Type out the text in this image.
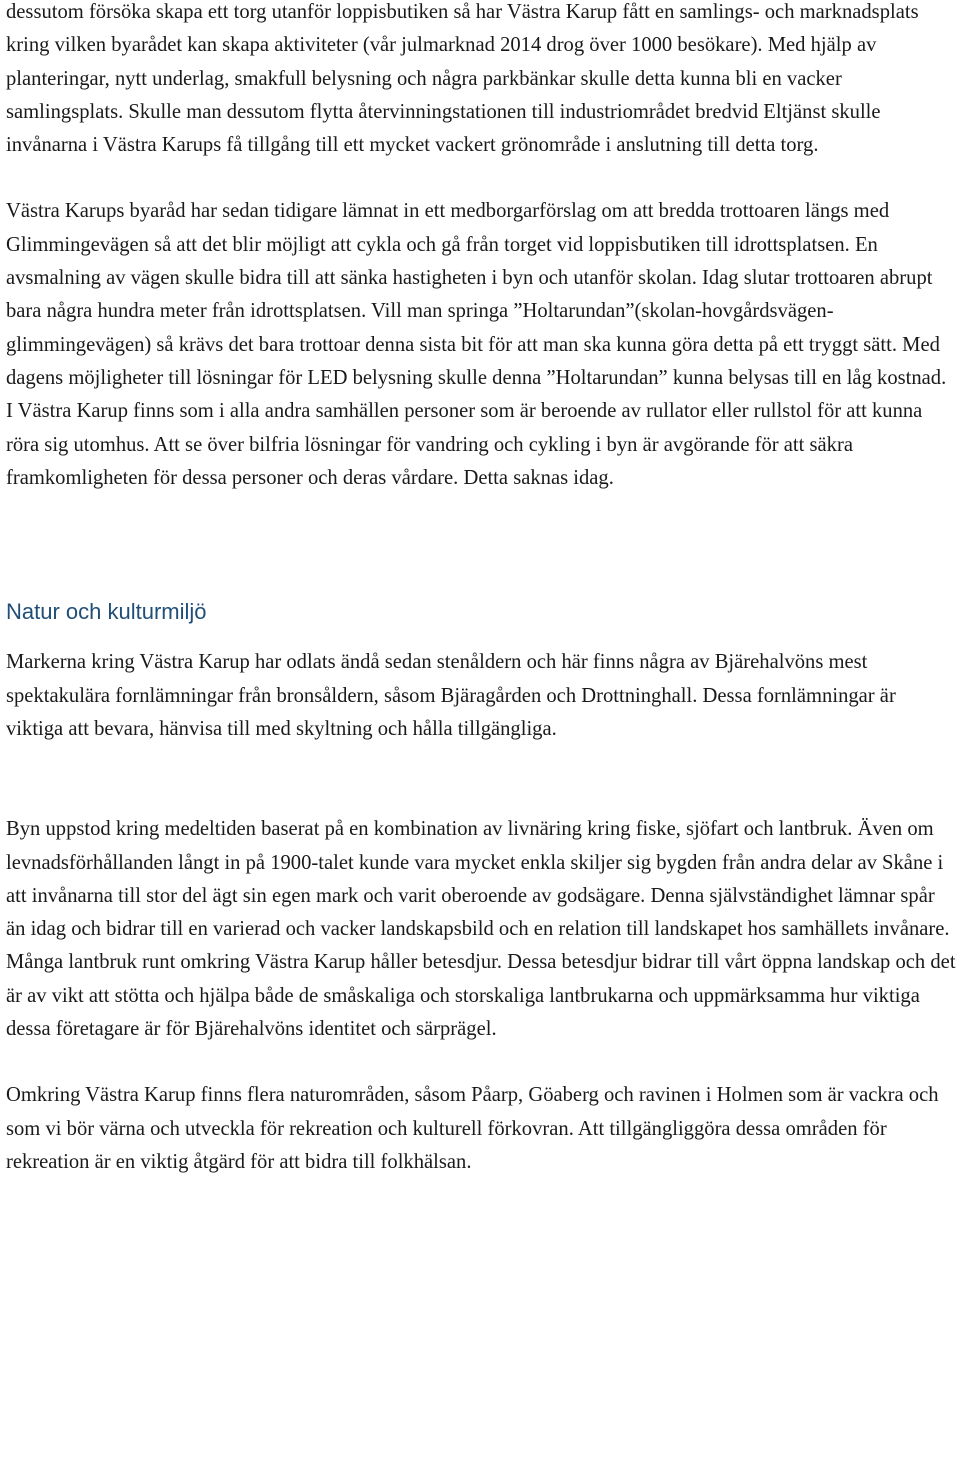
dessutom försöka skapa ett torg utanför loppisbutiken så har Västra Karup fått en samlings- och marknadsplats kring vilken byarådet kan skapa aktiviteter (vår julmarknad 2014 drog över 1000 besökare). Med hjälp av planteringar, nytt underlag, smakfull belysning och några parkbänkar skulle detta kunna bli en vacker samlingsplats. Skulle man dessutom flytta återvinningstationen till industriområdet bredvid Eltjänst skulle invånarna i Västra Karups få tillgång till ett mycket vackert grönområde i anslutning till detta torg.

Västra Karups byaråd har sedan tidigare lämnat in ett medborgarförslag om att bredda trottoaren längs med Glimmingevägen så att det blir möjligt att cykla och gå från torget vid loppisbutiken till idrottsplatsen. En avsmalning av vägen skulle bidra till att sänka hastigheten i byn och utanför skolan. Idag slutar trottoaren abrupt bara några hundra meter från idrottsplatsen. Vill man springa ”Holtarundan”(skolan-hovgårdsvägen-glimmingevägen) så krävs det bara trottoar denna sista bit för att man ska kunna göra detta på ett tryggt sätt. Med dagens möjligheter till lösningar för LED belysning skulle denna ”Holtarundan” kunna belysas till en låg kostnad. I Västra Karup finns som i alla andra samhällen personer som är beroende av rullator eller rullstol för att kunna röra sig utomhus. Att se över bilfria lösningar för vandring och cykling i byn är avgörande för att säkra framkomligheten för dessa personer och deras vårdare. Detta saknas idag.

Natur och kulturmiljö

Markerna kring Västra Karup har odlats ändå sedan stenåldern och här finns några av Bjärehalvöns mest spektakulära fornlämningar från bronsåldern, såsom Bjäragården och Drottninghall. Dessa fornlämningar är viktiga att bevara, hänvisa till med skyltning och hålla tillgängliga.

Byn uppstod kring medeltiden baserat på en kombination av livnäring kring fiske, sjöfart och lantbruk. Även om levnadsförhållanden långt in på 1900-talet kunde vara mycket enkla skiljer sig bygden från andra delar av Skåne i att invånarna till stor del ägt sin egen mark och varit oberoende av godsägare. Denna självständighet lämnar spår än idag och bidrar till en varierad och vacker landskapsbild och en relation till landskapet hos samhällets invånare. Många lantbruk runt omkring Västra Karup håller betesdjur. Dessa betesdjur bidrar till vårt öppna landskap och det är av vikt att stötta och hjälpa både de småskaliga och storskaliga lantbrukarna och uppmärksamma hur viktiga dessa företagare är för Bjärehalvöns identitet och särprägel.

Omkring Västra Karup finns flera naturområden, såsom Påarp, Göaberg och ravinen i Holmen som är vackra och som vi bör värna och utveckla för rekreation och kulturell förkovran. Att tillgängliggöra dessa områden för rekreation är en viktig åtgärd för att bidra till folkhälsan.
